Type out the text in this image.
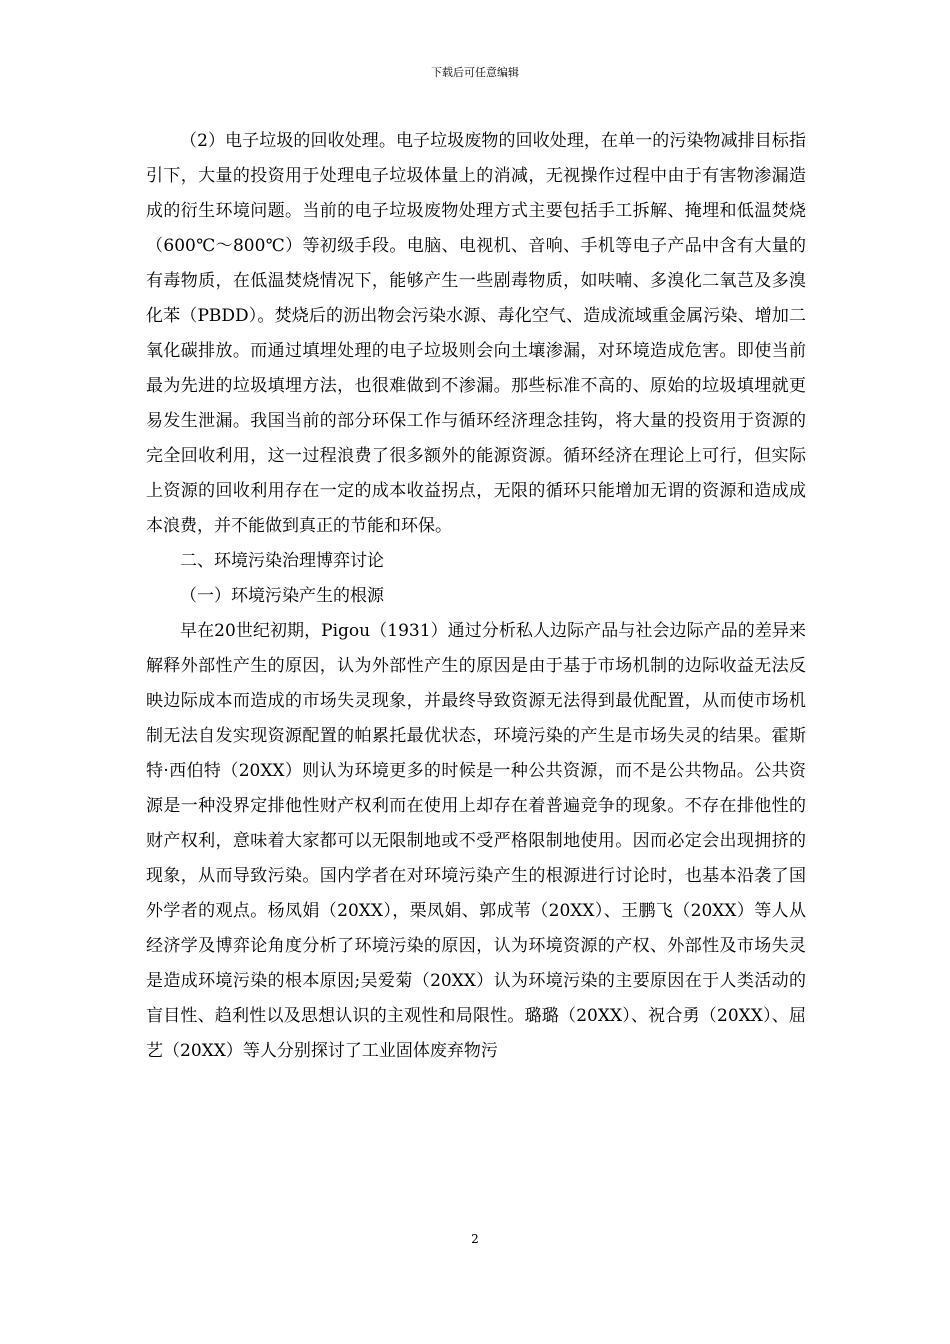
下载后可任意编辑

（2）电子垃圾的回收处理。电子垃圾废物的回收处理，在单一的污染物减排目标指引下，大量的投资用于处理电子垃圾体量上的消减，无视操作过程中由于有害物渗漏造成的衍生环境问题。当前的电子垃圾废物处理方式主要包括手工拆解、掩埋和低温焚烧（600℃～800℃）等初级手段。电脑、电视机、音响、手机等电子产品中含有大量的有毒物质，在低温焚烧情况下，能够产生一些剧毒物质，如呋喃、多溴化二氧芑及多溴化苯（PBDD）。焚烧后的沥出物会污染水源、毒化空气、造成流域重金属污染、增加二氧化碳排放。而通过填埋处理的电子垃圾则会向土壤渗漏，对环境造成危害。即使当前最为先进的垃圾填埋方法，也很难做到不渗漏。那些标准不高的、原始的垃圾填埋就更易发生泄漏。我国当前的部分环保工作与循环经济理念挂钩，将大量的投资用于资源的完全回收利用，这一过程浪费了很多额外的能源资源。循环经济在理论上可行，但实际上资源的回收利用存在一定的成本收益拐点，无限的循环只能增加无谓的资源和造成成本浪费，并不能做到真正的节能和环保。

二、环境污染治理博弈讨论

（一）环境污染产生的根源

早在20世纪初期，Pigou（1931）通过分析私人边际产品与社会边际产品的差异来解释外部性产生的原因，认为外部性产生的原因是由于基于市场机制的边际收益无法反映边际成本而造成的市场失灵现象，并最终导致资源无法得到最优配置，从而使市场机制无法自发实现资源配置的帕累托最优状态，环境污染的产生是市场失灵的结果。霍斯特·西伯特（20XX）则认为环境更多的时候是一种公共资源，而不是公共物品。公共资源是一种没界定排他性财产权利而在使用上却存在着普遍竞争的现象。不存在排他性的财产权利，意味着大家都可以无限制地或不受严格限制地使用。因而必定会出现拥挤的现象，从而导致污染。国内学者在对环境污染产生的根源进行讨论时，也基本沿袭了国外学者的观点。杨凤娟（20XX），栗凤娟、郭成苇（20XX）、王鹏飞（20XX）等人从经济学及博弈论角度分析了环境污染的原因，认为环境资源的产权、外部性及市场失灵是造成环境污染的根本原因;吴爱菊（20XX）认为环境污染的主要原因在于人类活动的盲目性、趋利性以及思想认识的主观性和局限性。璐璐（20XX）、祝合勇（20XX）、屈艺（20XX）等人分别探讨了工业固体废弃物污

2
